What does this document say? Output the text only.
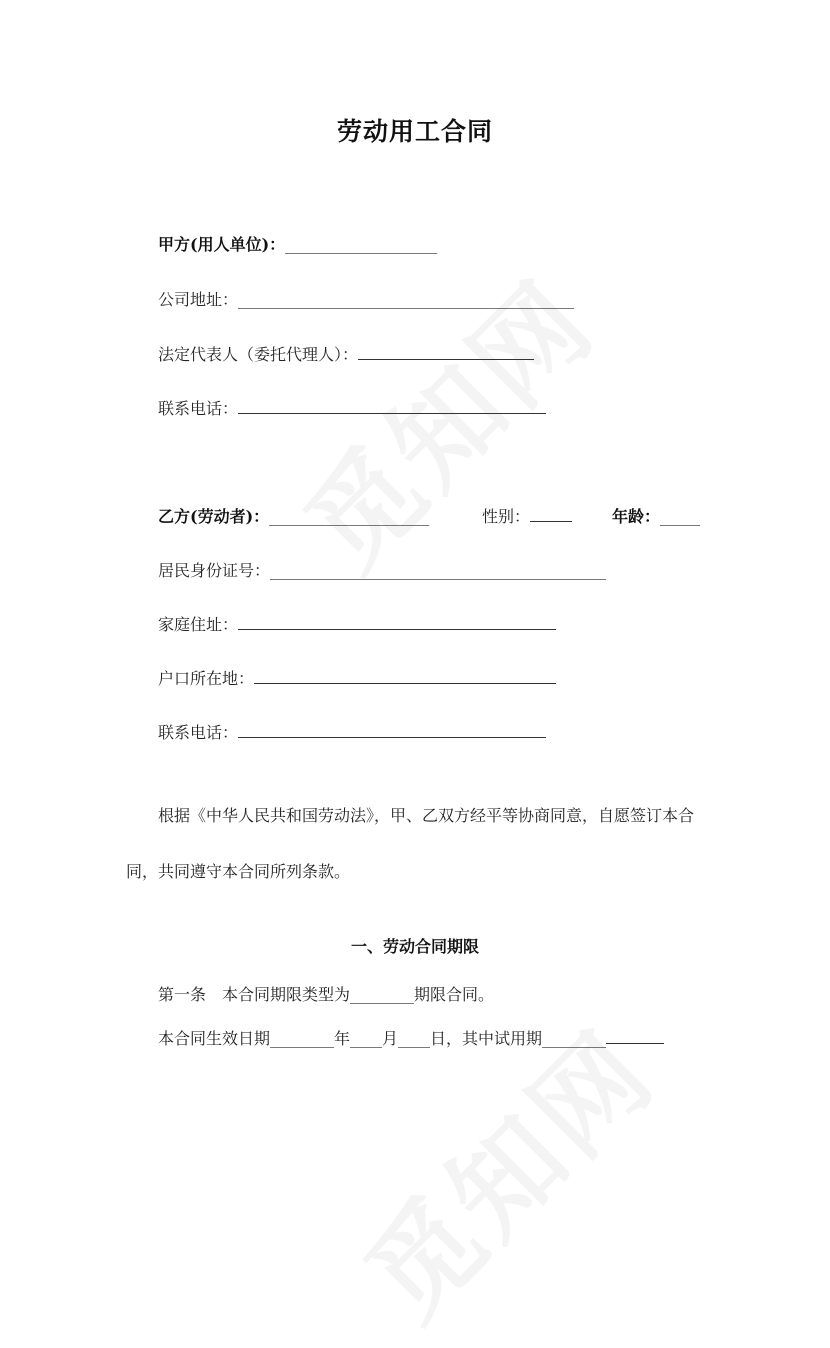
劳动用工合同
甲方(用人单位)：___________________
公司地址：__________________________________________
法定代表人（委托代理人）：
联系电话：
乙方(劳动者)：____________________	性别：	年龄：_____
居民身份证号：__________________________________________
家庭住址：
户口所在地：
联系电话：
根据《中华人民共和国劳动法》，甲、乙双方经平等协商同意，自愿签订本合同，共同遵守本合同所列条款。
一、劳动合同期限
第一条　本合同期限类型为________期限合同。
本合同生效日期________年____月____日，其中试用期________
